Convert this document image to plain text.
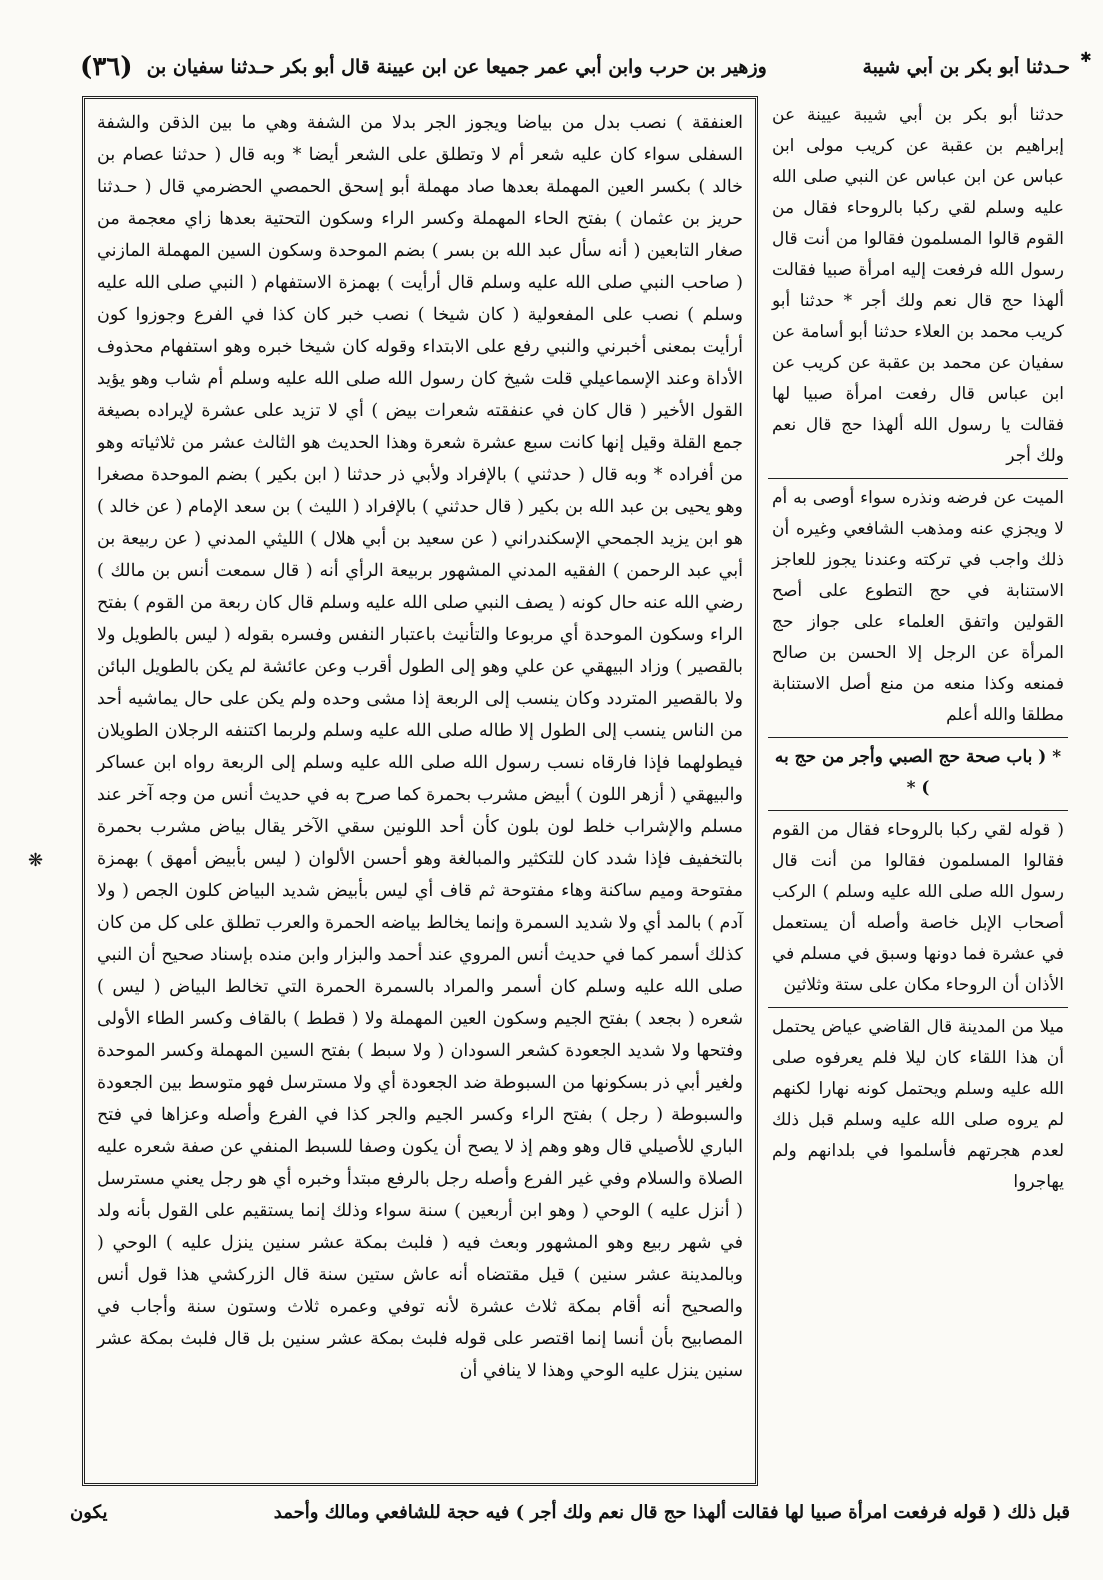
حـدثنا أبو بكر بن أبي شيبة
وزهير بن حرب وابن أبي عمر جميعا عن ابن عيينة قال أبو بكر حـدثنا سفيان بن
(٣٦)	✱
حدثنا أبو بكر بن أبي شيبة عيينة عن إبراهيم بن عقبة عن كريب مولى ابن عباس عن ابن عباس عن النبي صلى الله عليه وسلم لقي ركبا بالروحاء فقال من القوم قالوا المسلمون فقالوا من أنت قال رسول الله فرفعت إليه امرأة صبيا فقالت ألهذا حج قال نعم ولك أجر * حدثنا أبو كريب محمد بن العلاء حدثنا أبو أسامة عن سفيان عن محمد بن عقبة عن كريب عن ابن عباس قال رفعت امرأة صبيا لها فقالت يا رسول الله ألهذا حج قال نعم ولك أجر
الميت عن فرضه ونذره سواء أوصى به أم لا ويجزي عنه ومذهب الشافعي وغيره أن ذلك واجب في تركته وعندنا يجوز للعاجز الاستنابة في حج التطوع على أصح القولين واتفق العلماء على جواز حج المرأة عن الرجل إلا الحسن بن صالح فمنعه وكذا منعه من منع أصل الاستنابة مطلقا والله أعلم
* ( باب صحة حج الصبي وأجر من حج به ) *
( قوله لقي ركبا بالروحاء فقال من القوم فقالوا المسلمون فقالوا من أنت قال رسول الله صلى الله عليه وسلم ) الركب أصحاب الإبل خاصة وأصله أن يستعمل في عشرة فما دونها وسبق في مسلم في الأذان أن الروحاء مكان على ستة وثلاثين
ميلا من المدينة قال القاضي عياض يحتمل أن هذا اللقاء كان ليلا فلم يعرفوه صلى الله عليه وسلم ويحتمل كونه نهارا لكنهم لم يروه صلى الله عليه وسلم قبل ذلك لعدم هجرتهم فأسلموا في بلدانهم ولم يهاجروا

العنفقة ) نصب بدل من بياضا ويجوز الجر بدلا من الشفة وهي ما بين الذقن والشفة السفلى سواء كان عليه شعر أم لا وتطلق على الشعر أيضا * وبه قال ( حدثنا عصام بن خالد ) بكسر العين المهملة بعدها صاد مهملة أبو إسحق الحمصي الحضرمي قال ( حـدثنا حريز بن عثمان ) بفتح الحاء المهملة وكسر الراء وسكون التحتية بعدها زاي معجمة من صغار التابعين ( أنه سأل عبد الله بن بسر ) بضم الموحدة وسكون السين المهملة المازني ( صاحب النبي صلى الله عليه وسلم قال أرأيت ) بهمزة الاستفهام ( النبي صلى الله عليه وسلم ) نصب على المفعولية ( كان شيخا ) نصب خبر كان كذا في الفرع وجوزوا كون أرأيت بمعنى أخبرني والنبي رفع على الابتداء وقوله كان شيخا خبره وهو استفهام محذوف الأداة وعند الإسماعيلي قلت شيخ كان رسول الله صلى الله عليه وسلم أم شاب وهو يؤيد القول الأخير ( قال كان في عنفقته شعرات بيض ) أي لا تزيد على عشرة لإيراده بصيغة جمع القلة وقيل إنها كانت سبع عشرة شعرة وهذا الحديث هو الثالث عشر من ثلاثياته وهو من أفراده * وبه قال ( حدثني ) بالإفراد ولأبي ذر حدثنا ( ابن بكير ) بضم الموحدة مصغرا وهو يحيى بن عبد الله بن بكير ( قال حدثني ) بالإفراد ( الليث ) بن سعد الإمام ( عن خالد ) هو ابن يزيد الجمحي الإسكندراني ( عن سعيد بن أبي هلال ) الليثي المدني ( عن ربيعة بن أبي عبد الرحمن ) الفقيه المدني المشهور بربيعة الرأي أنه ( قال سمعت أنس بن مالك ) رضي الله عنه حال كونه ( يصف النبي صلى الله عليه وسلم قال كان ربعة من القوم ) بفتح الراء وسكون الموحدة أي مربوعا والتأنيث باعتبار النفس وفسره بقوله ( ليس بالطويل ولا بالقصير ) وزاد البيهقي عن علي وهو إلى الطول أقرب وعن عائشة لم يكن بالطويل البائن ولا بالقصير المتردد وكان ينسب إلى الربعة إذا مشى وحده ولم يكن على حال يماشيه أحد من الناس ينسب إلى الطول إلا طاله صلى الله عليه وسلم ولربما اكتنفه الرجلان الطويلان فيطولهما فإذا فارقاه نسب رسول الله صلى الله عليه وسلم إلى الربعة رواه ابن عساكر والبيهقي ( أزهر اللون ) أبيض مشرب بحمرة كما صرح به في حديث أنس من وجه آخر عند مسلم والإشراب خلط لون بلون كأن أحد اللونين سقي الآخر يقال بياض مشرب بحمرة بالتخفيف فإذا شدد كان للتكثير والمبالغة وهو أحسن الألوان ( ليس بأبيض أمهق ) بهمزة مفتوحة وميم ساكنة وهاء مفتوحة ثم قاف أي ليس بأبيض شديد البياض كلون الجص ( ولا آدم ) بالمد أي ولا شديد السمرة وإنما يخالط بياضه الحمرة والعرب تطلق على كل من كان كذلك أسمر كما في حديث أنس المروي عند أحمد والبزار وابن منده بإسناد صحيح أن النبي صلى الله عليه وسلم كان أسمر والمراد بالسمرة الحمرة التي تخالط البياض ( ليس ) شعره ( بجعد ) بفتح الجيم وسكون العين المهملة ولا ( قطط ) بالقاف وكسر الطاء الأولى وفتحها ولا شديد الجعودة كشعر السودان ( ولا سبط ) بفتح السين المهملة وكسر الموحدة ولغير أبي ذر بسكونها من السبوطة ضد الجعودة أي ولا مسترسل فهو متوسط بين الجعودة والسبوطة ( رجل ) بفتح الراء وكسر الجيم والجر كذا في الفرع وأصله وعزاها في فتح الباري للأصيلي قال وهو وهم إذ لا يصح أن يكون وصفا للسبط المنفي عن صفة شعره عليه الصلاة والسلام وفي غير الفرع وأصله رجل بالرفع مبتدأ وخبره أي هو رجل يعني مسترسل ( أنزل عليه ) الوحي ( وهو ابن أربعين ) سنة سواء وذلك إنما يستقيم على القول بأنه ولد في شهر ربيع وهو المشهور وبعث فيه ( فلبث بمكة عشر سنين ينزل عليه ) الوحي ( وبالمدينة عشر سنين ) قيل مقتضاه أنه عاش ستين سنة قال الزركشي هذا قول أنس والصحيح أنه أقام بمكة ثلاث عشرة لأنه توفي وعمره ثلاث وستون سنة وأجاب في المصابيح بأن أنسا إنما اقتصر على قوله فلبث بمكة عشر سنين بل قال فلبث بمكة عشر سنين ينزل عليه الوحي وهذا لا ينافي أن

❋
قبل ذلك ( قوله فرفعت امرأة صبيا لها فقالت ألهذا حج قال نعم ولك أجر ) فيه حجة للشافعي ومالك وأحمد
يكون
